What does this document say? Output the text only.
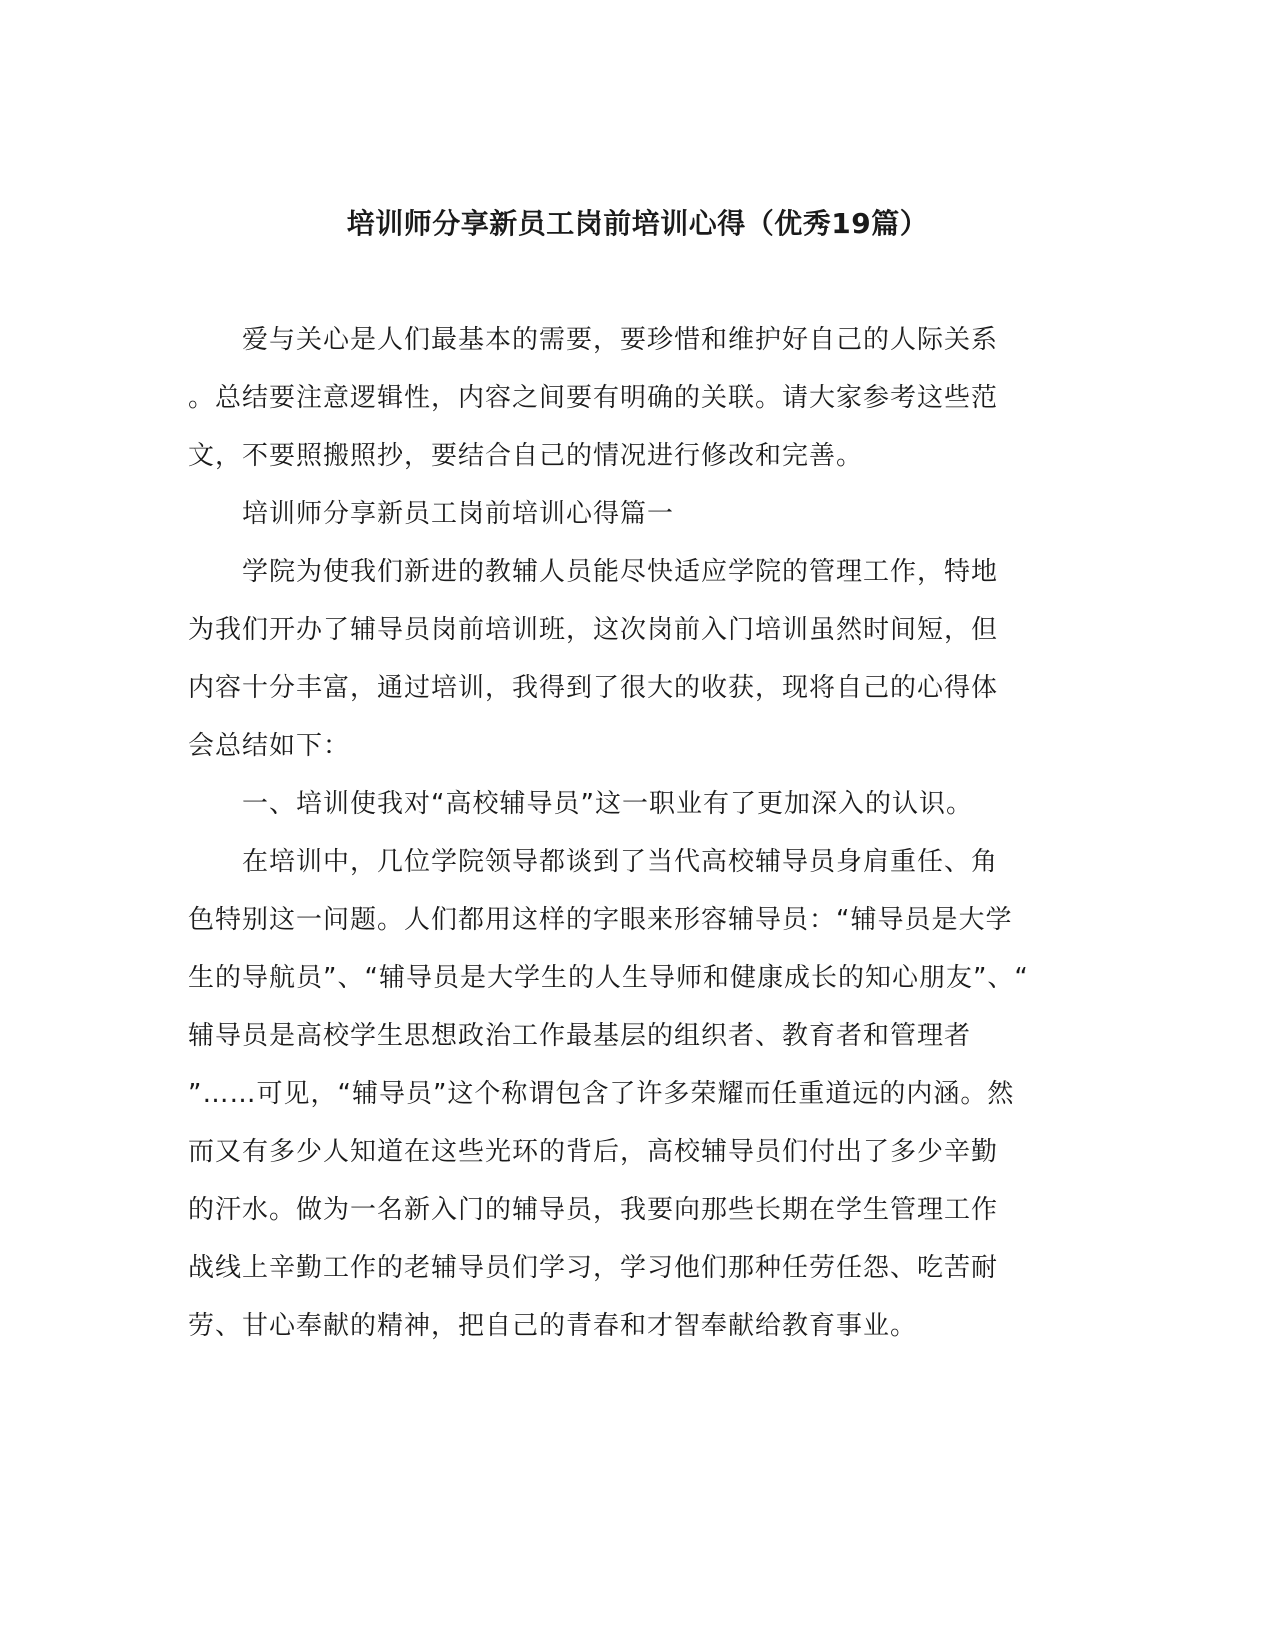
培训师分享新员工岗前培训心得（优秀19篇）

　　爱与关心是人们最基本的需要，要珍惜和维护好自己的人际关系

。总结要注意逻辑性，内容之间要有明确的关联。请大家参考这些范

文，不要照搬照抄，要结合自己的情况进行修改和完善。

　　培训师分享新员工岗前培训心得篇一

　　学院为使我们新进的教辅人员能尽快适应学院的管理工作，特地

为我们开办了辅导员岗前培训班，这次岗前入门培训虽然时间短，但

内容十分丰富，通过培训，我得到了很大的收获，现将自己的心得体

会总结如下：

　　一、培训使我对“高校辅导员”这一职业有了更加深入的认识。

　　在培训中，几位学院领导都谈到了当代高校辅导员身肩重任、角

色特别这一问题。人们都用这样的字眼来形容辅导员：“辅导员是大学

生的导航员”、“辅导员是大学生的人生导师和健康成长的知心朋友”、“

辅导员是高校学生思想政治工作最基层的组织者、教育者和管理者

”……可见，“辅导员”这个称谓包含了许多荣耀而任重道远的内涵。然

而又有多少人知道在这些光环的背后，高校辅导员们付出了多少辛勤

的汗水。做为一名新入门的辅导员，我要向那些长期在学生管理工作

战线上辛勤工作的老辅导员们学习，学习他们那种任劳任怨、吃苦耐

劳、甘心奉献的精神，把自己的青春和才智奉献给教育事业。
